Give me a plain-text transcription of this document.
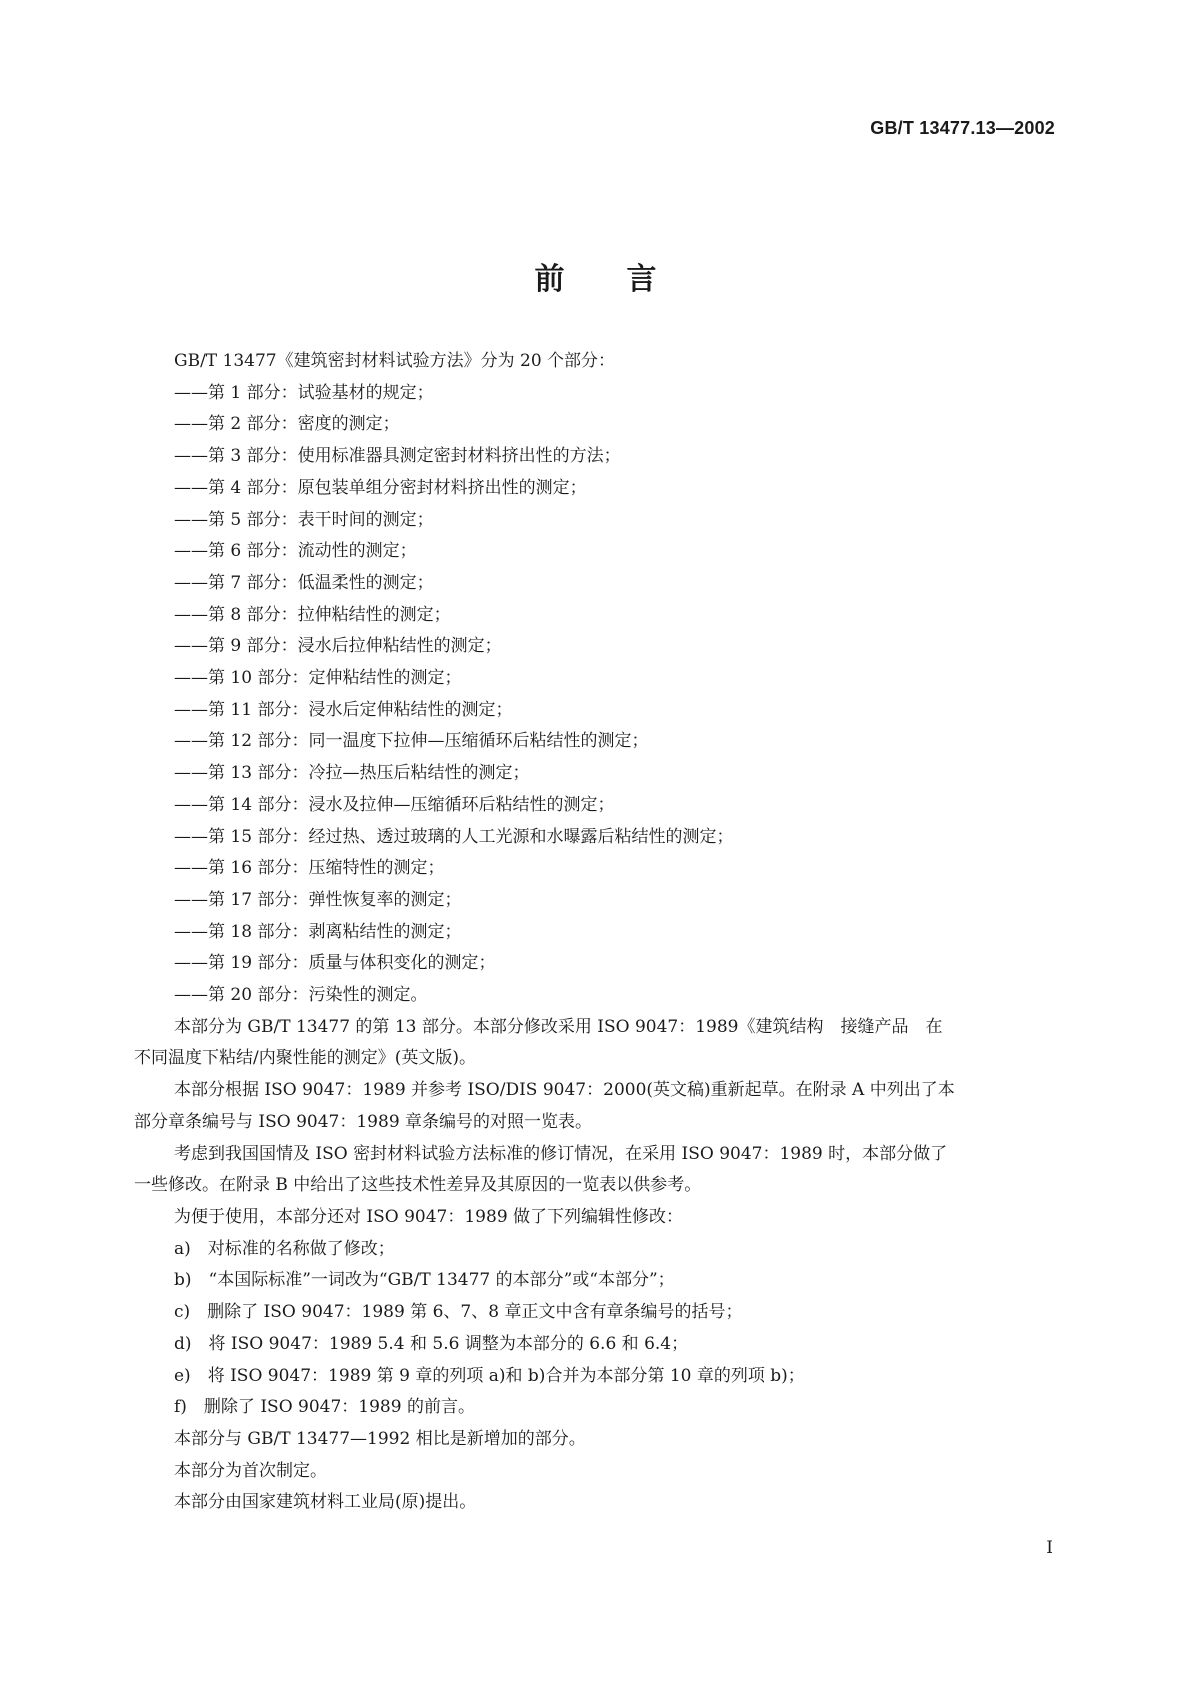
GB/T 13477.13—2002
前言
GB/T 13477《建筑密封材料试验方法》分为 20 个部分：
——第 1 部分：试验基材的规定；
——第 2 部分：密度的测定；
——第 3 部分：使用标准器具测定密封材料挤出性的方法；
——第 4 部分：原包装单组分密封材料挤出性的测定；
——第 5 部分：表干时间的测定；
——第 6 部分：流动性的测定；
——第 7 部分：低温柔性的测定；
——第 8 部分：拉伸粘结性的测定；
——第 9 部分：浸水后拉伸粘结性的测定；
——第 10 部分：定伸粘结性的测定；
——第 11 部分：浸水后定伸粘结性的测定；
——第 12 部分：同一温度下拉伸—压缩循环后粘结性的测定；
——第 13 部分：冷拉—热压后粘结性的测定；
——第 14 部分：浸水及拉伸—压缩循环后粘结性的测定；
——第 15 部分：经过热、透过玻璃的人工光源和水曝露后粘结性的测定；
——第 16 部分：压缩特性的测定；
——第 17 部分：弹性恢复率的测定；
——第 18 部分：剥离粘结性的测定；
——第 19 部分：质量与体积变化的测定；
——第 20 部分：污染性的测定。
本部分为 GB/T 13477 的第 13 部分。本部分修改采用 ISO 9047：1989《建筑结构　接缝产品　在
不同温度下粘结/内聚性能的测定》(英文版)。
本部分根据 ISO 9047：1989 并参考 ISO/DIS 9047：2000(英文稿)重新起草。在附录 A 中列出了本
部分章条编号与 ISO 9047：1989 章条编号的对照一览表。
考虑到我国国情及 ISO 密封材料试验方法标准的修订情况，在采用 ISO 9047：1989 时，本部分做了
一些修改。在附录 B 中给出了这些技术性差异及其原因的一览表以供参考。
为便于使用，本部分还对 ISO 9047：1989 做了下列编辑性修改：
a)　对标准的名称做了修改；
b)　“本国际标准”一词改为“GB/T 13477 的本部分”或“本部分”；
c)　删除了 ISO 9047：1989 第 6、7、8 章正文中含有章条编号的括号；
d)　将 ISO 9047：1989 5.4 和 5.6 调整为本部分的 6.6 和 6.4；
e)　将 ISO 9047：1989 第 9 章的列项 a)和 b)合并为本部分第 10 章的列项 b)；
f)　删除了 ISO 9047：1989 的前言。
本部分与 GB/T 13477—1992 相比是新增加的部分。
本部分为首次制定。
本部分由国家建筑材料工业局(原)提出。
I
